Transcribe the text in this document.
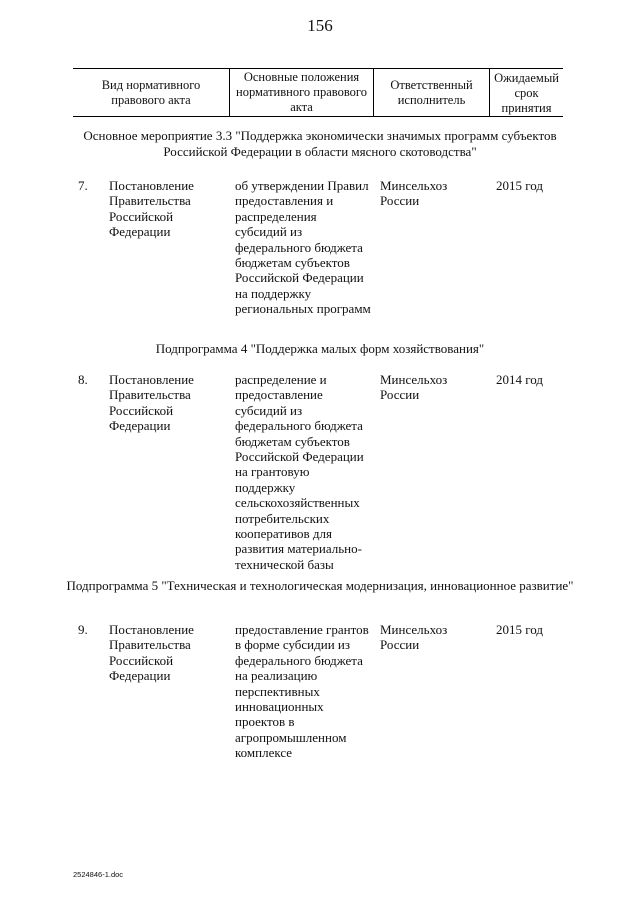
156
Вид нормативного правового акта
Основные положения нормативного правового акта
Ответственный исполнитель
Ожидаемый срок принятия
Основное мероприятие 3.3 "Поддержка экономически значимых программ субъектов Российской Федерации в области мясного скотоводства"
7. Постановление Правительства Российской Федерации
об утверждении Правил предоставления и распределения субсидий из федерального бюджета бюджетам субъектов Российской Федерации на поддержку региональных программ
Минсельхоз России
2015 год
Подпрограмма 4 "Поддержка малых форм хозяйствования"
8. Постановление Правительства Российской Федерации
распределение и предоставление субсидий из федерального бюджета бюджетам субъектов Российской Федерации на грантовую поддержку сельскохозяйственных потребительских кооперативов для развития материально-технической базы
Минсельхоз России
2014 год
Подпрограмма 5 "Техническая и технологическая модернизация, инновационное развитие"
9. Постановление Правительства Российской Федерации
предоставление грантов в форме субсидии из федерального бюджета на реализацию перспективных инновационных проектов в агропромышленном комплексе
Минсельхоз России
2015 год
2524846-1.doc
